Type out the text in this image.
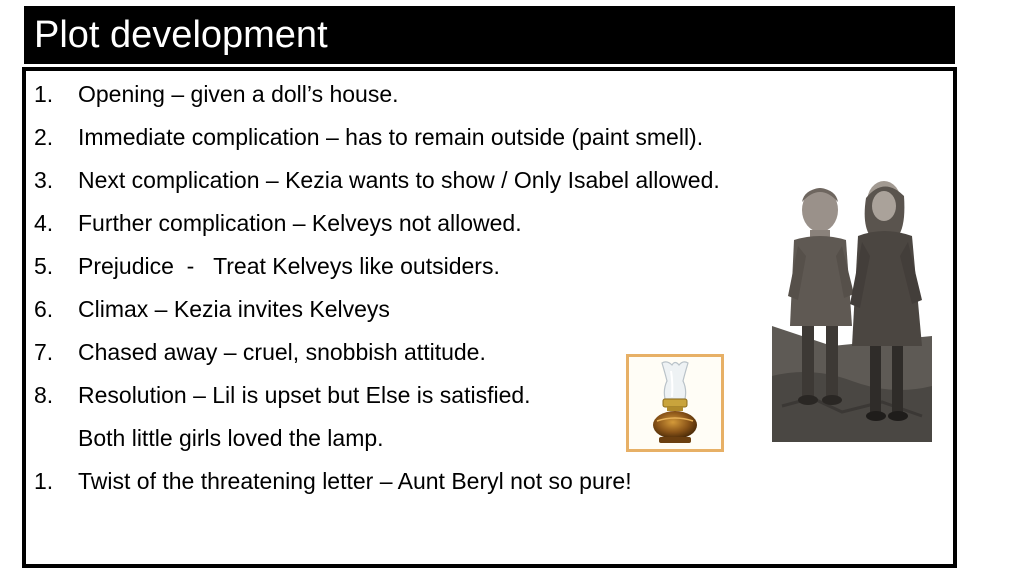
Plot development
1. Opening – given a doll’s house.
2. Immediate complication – has to remain outside (paint smell).
3. Next complication – Kezia wants to show / Only Isabel allowed.
4. Further complication – Kelveys not allowed.
5. Prejudice  -   Treat Kelveys like outsiders.
6. Climax – Kezia invites Kelveys
7. Chased away – cruel, snobbish attitude.
8. Resolution – Lil is upset but Else is satisfied.
Both little girls loved the lamp.
1. Twist of the threatening letter – Aunt Beryl not so pure!
